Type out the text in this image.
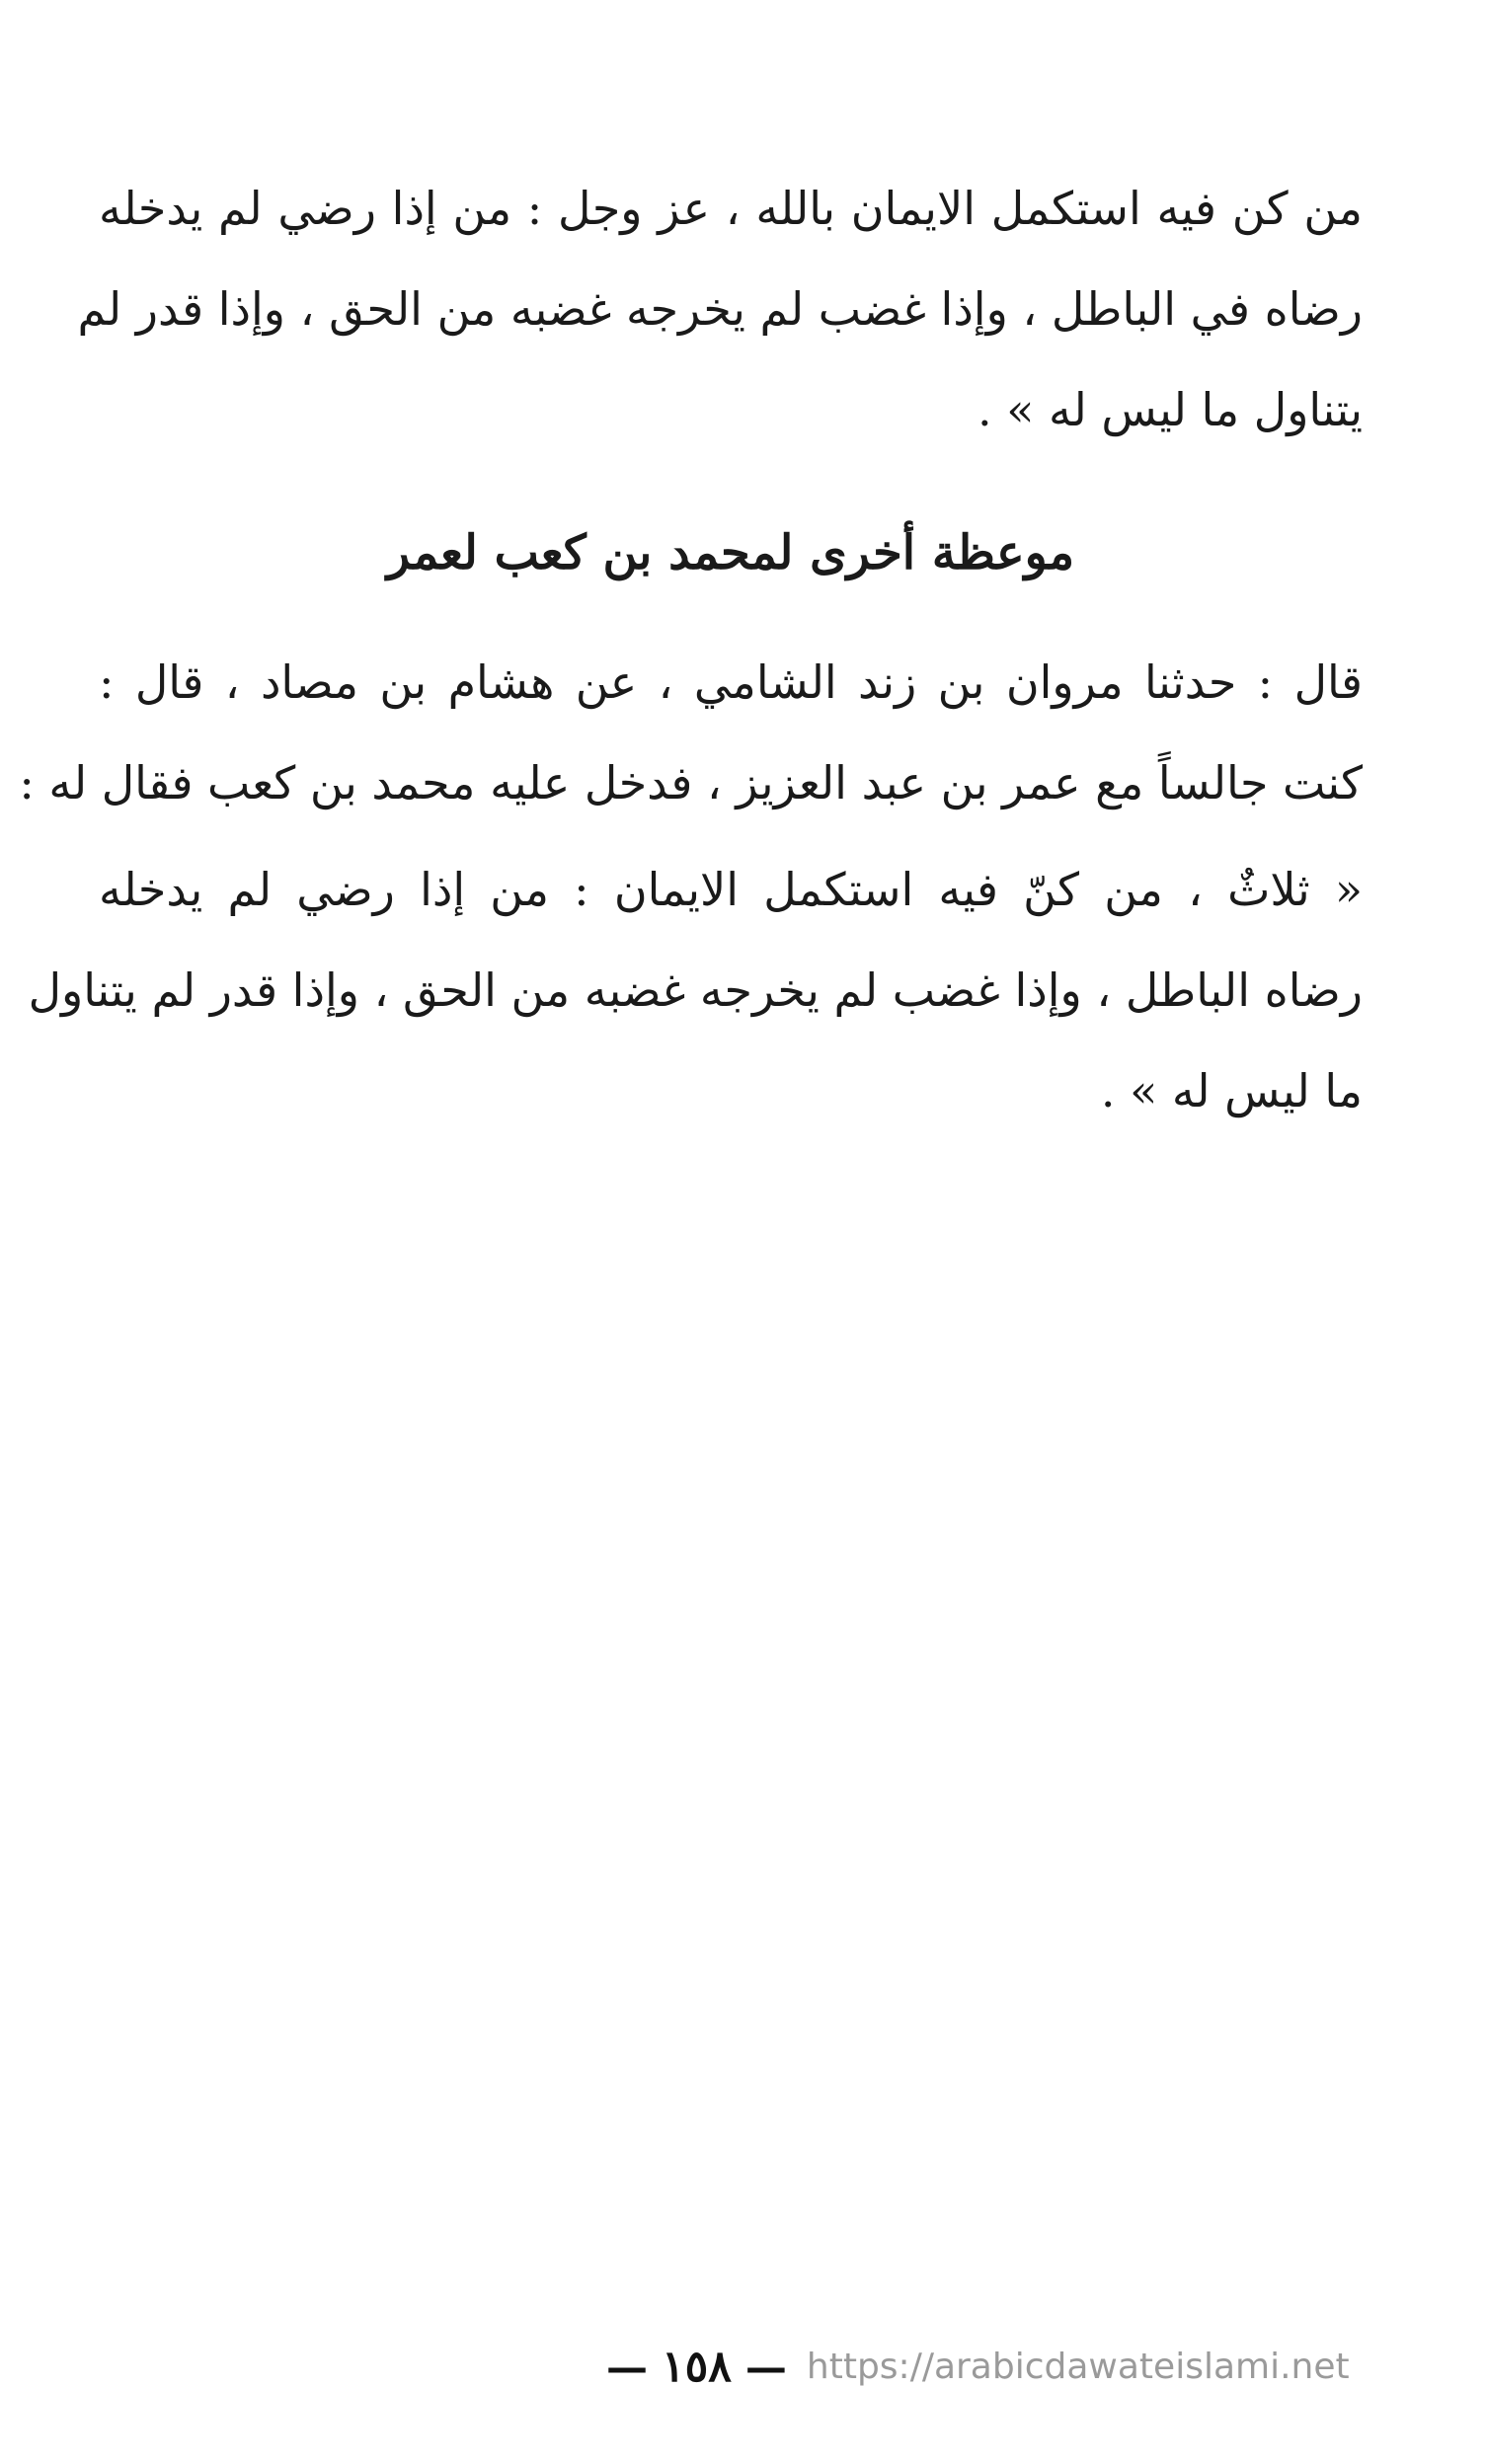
من كن فيه استكمل الايمان بالله ، عز وجل : من إذا رضي لم يدخله
رضاه في الباطل ، وإذا غضب لم يخرجه غضبه من الحق ، وإذا قدر لم
يتناول ما ليس له » .
موعظة أخرى لمحمد بن كعب لعمر
قال : حدثنا مروان بن زند الشامي ، عن هشام بن مصاد ، قال :
كنت جالساً مع عمر بن عبد العزيز ، فدخل عليه محمد بن كعب فقال له :
« ثلاثٌ ، من كنّ فيه استكمل الايمان : من إذا رضي لم يدخله
رضاه الباطل ، وإذا غضب لم يخرجه غضبه من الحق ، وإذا قدر لم يتناول
ما ليس له » .
— ١٥٨ — https://arabicdawateislami.net
